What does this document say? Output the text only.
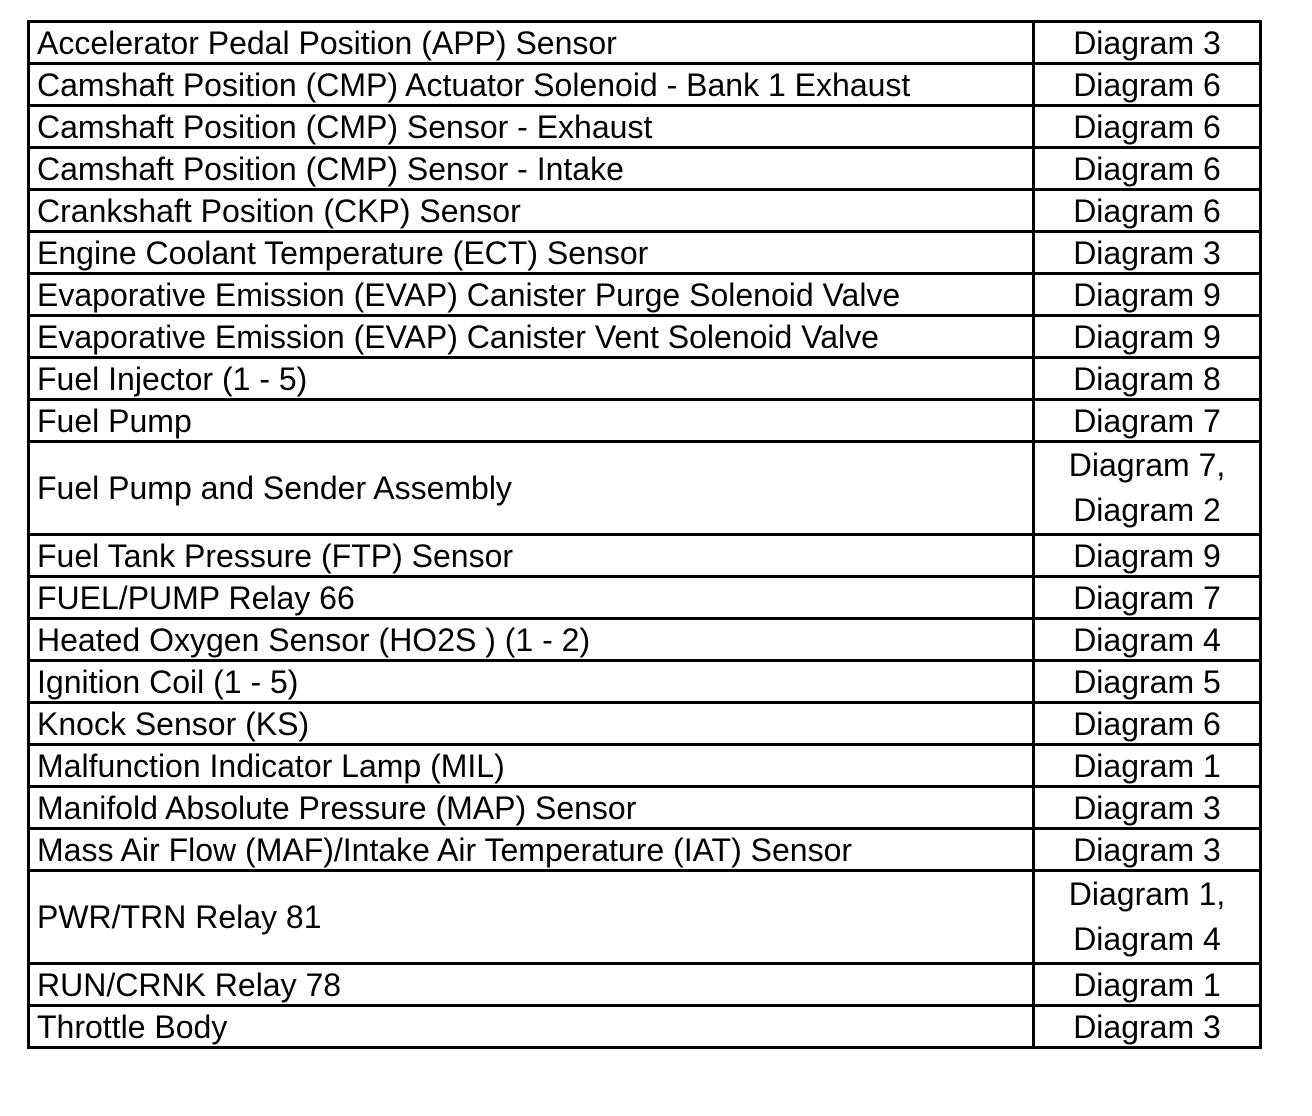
Accelerator Pedal Position (APP) Sensor	Diagram 3
Camshaft Position (CMP) Actuator Solenoid - Bank 1 Exhaust	Diagram 6
Camshaft Position (CMP) Sensor - Exhaust	Diagram 6
Camshaft Position (CMP) Sensor - Intake	Diagram 6
Crankshaft Position (CKP) Sensor	Diagram 6
Engine Coolant Temperature (ECT) Sensor	Diagram 3
Evaporative Emission (EVAP) Canister Purge Solenoid Valve	Diagram 9
Evaporative Emission (EVAP) Canister Vent Solenoid Valve	Diagram 9
Fuel Injector (1 - 5)	Diagram 8
Fuel Pump	Diagram 7
Fuel Pump and Sender Assembly	Diagram 7,
Diagram 2
Fuel Tank Pressure (FTP) Sensor	Diagram 9
FUEL/PUMP Relay 66	Diagram 7
Heated Oxygen Sensor (HO2S ) (1 - 2)	Diagram 4
Ignition Coil (1 - 5)	Diagram 5
Knock Sensor (KS)	Diagram 6
Malfunction Indicator Lamp (MIL)	Diagram 1
Manifold Absolute Pressure (MAP) Sensor	Diagram 3
Mass Air Flow (MAF)/Intake Air Temperature (IAT) Sensor	Diagram 3
PWR/TRN Relay 81	Diagram 1,
Diagram 4
RUN/CRNK Relay 78	Diagram 1
Throttle Body	Diagram 3
